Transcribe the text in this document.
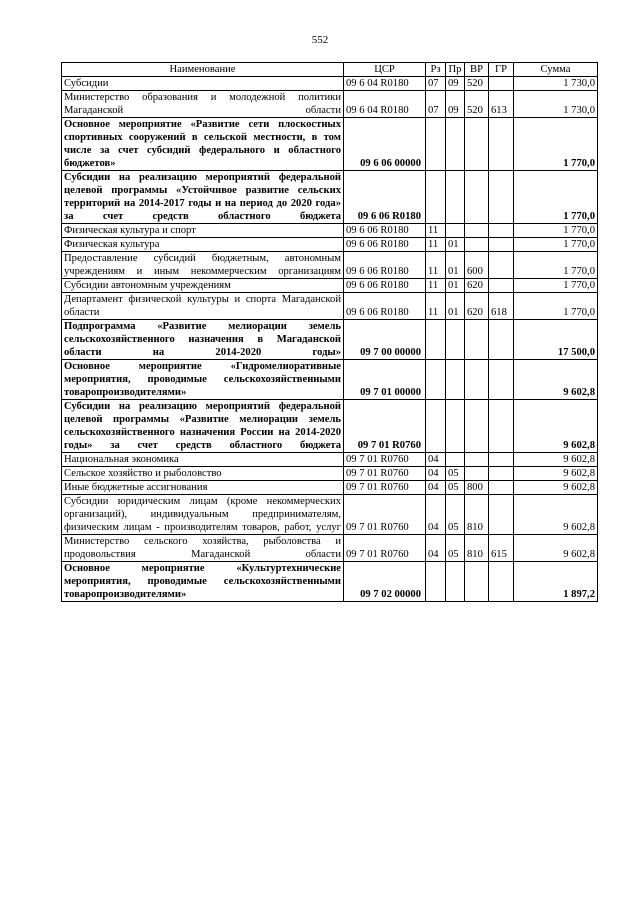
552
Наименование	ЦСР	Рз	Пр	ВР	ГР	Сумма
Субсидии	09 6 04 R0180	07	09	520		1 730,0
Министерство образования и молодежной политики Магаданской области	09 6 04 R0180	07	09	520	613	1 730,0
Основное мероприятие «Развитие сети плоскостных спортивных сооружений в сельской местности, в том числе за счет субсидий федерального и областного бюджетов»	09 6 06 00000					1 770,0
Субсидии на реализацию мероприятий федеральной целевой программы «Устойчивое развитие сельских территорий на 2014-2017 годы и на период до 2020 года» за счет средств областного бюджета	09 6 06 R0180					1 770,0
Физическая культура и спорт	09 6 06 R0180	11				1 770,0
Физическая культура	09 6 06 R0180	11	01			1 770,0
Предоставление субсидий бюджетным, автономным учреждениям и иным некоммерческим организациям	09 6 06 R0180	11	01	600		1 770,0
Субсидии автономным учреждениям	09 6 06 R0180	11	01	620		1 770,0
Департамент физической культуры и спорта Магаданской области	09 6 06 R0180	11	01	620	618	1 770,0
Подпрограмма «Развитие мелиорации земель сельскохозяйственного назначения в Магаданской области на 2014-2020 годы»	09 7 00 00000					17 500,0
Основное мероприятие «Гидромелиоративные мероприятия, проводимые сельскохозяйственными товаропроизводителями»	09 7 01 00000					9 602,8
Субсидии на реализацию мероприятий федеральной целевой программы «Развитие мелиорации земель сельскохозяйственного назначения России на 2014-2020 годы» за счет средств областного бюджета	09 7 01 R0760					9 602,8
Национальная экономика	09 7 01 R0760	04				9 602,8
Сельское хозяйство и рыболовство	09 7 01 R0760	04	05			9 602,8
Иные бюджетные ассигнования	09 7 01 R0760	04	05	800		9 602,8
Субсидии юридическим лицам (кроме некоммерческих организаций), индивидуальным предпринимателям, физическим лицам - производителям товаров, работ, услуг	09 7 01 R0760	04	05	810		9 602,8
Министерство сельского хозяйства, рыболовства и продовольствия Магаданской области	09 7 01 R0760	04	05	810	615	9 602,8
Основное мероприятие «Культуртехнические мероприятия, проводимые сельскохозяйственными товаропроизводителями»	09 7 02 00000					1 897,2
